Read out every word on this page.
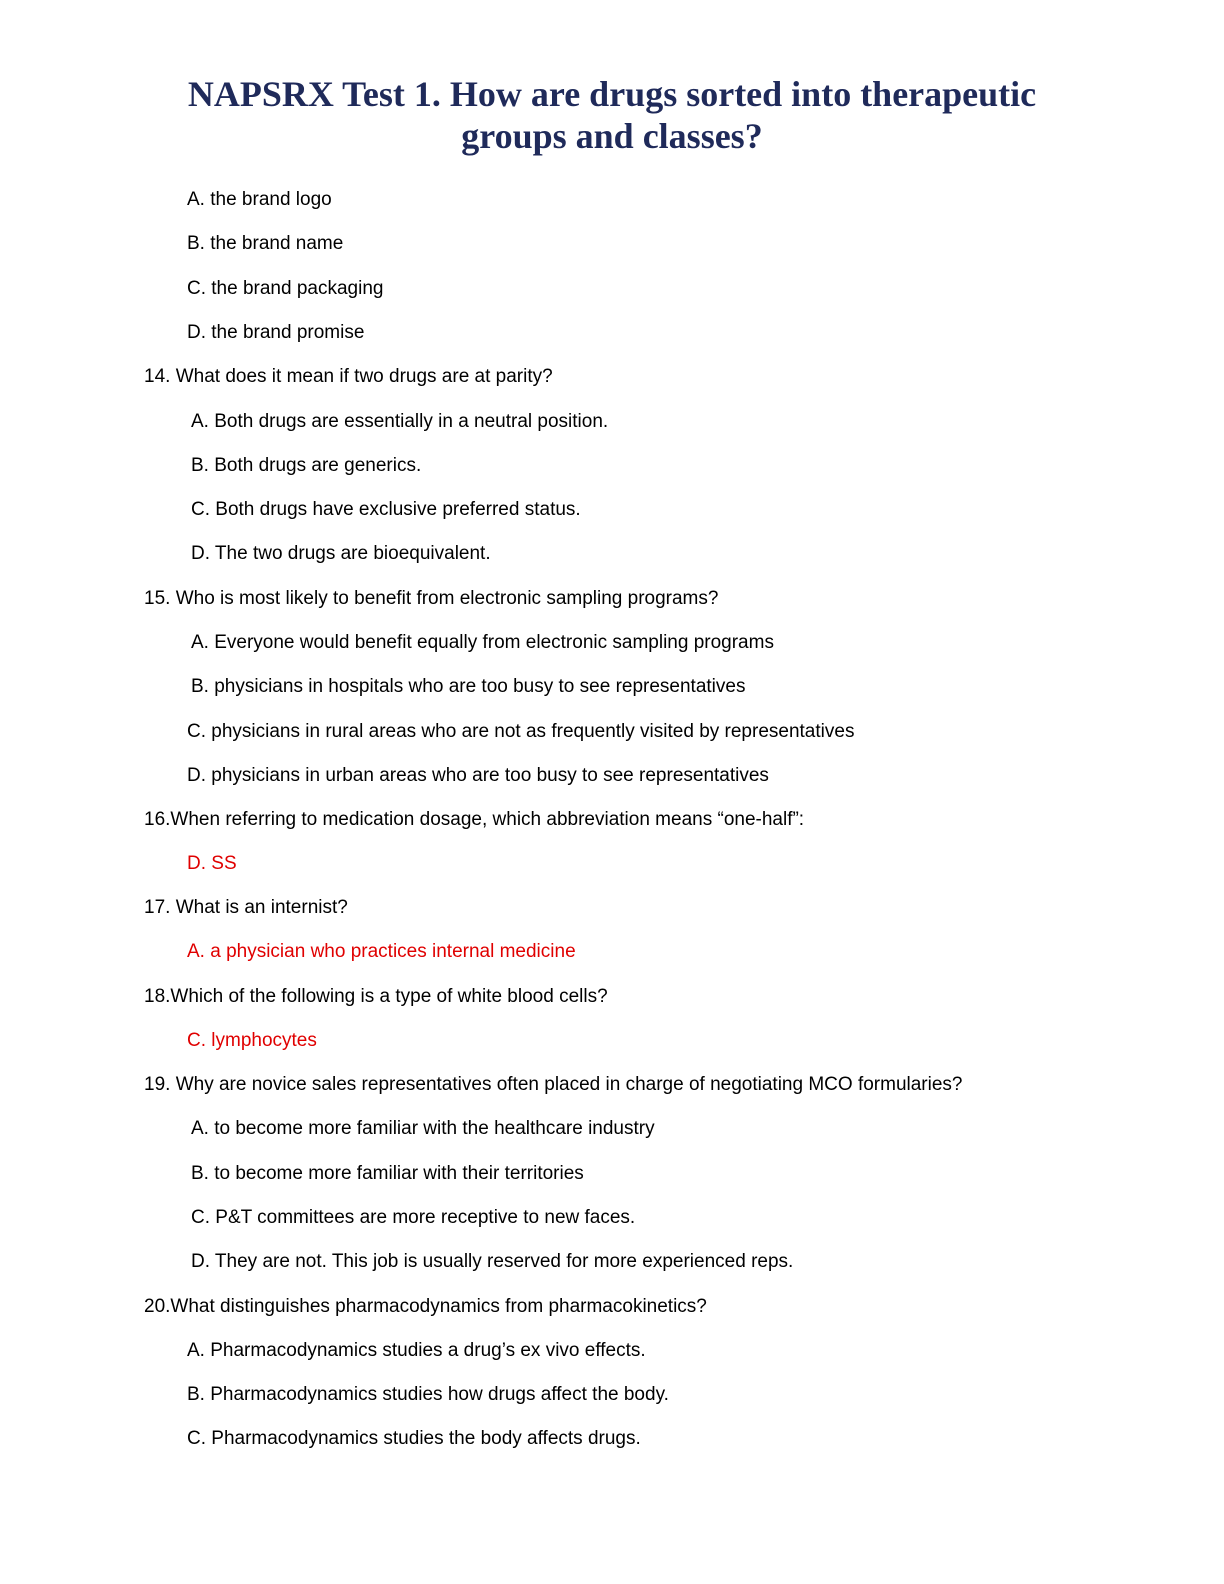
NAPSRX Test 1. How are drugs sorted into therapeutic
groups and classes?

A. the brand logo

B. the brand name

C. the brand packaging

D. the brand promise

14. What does it mean if two drugs are at parity?

A. Both drugs are essentially in a neutral position.

B. Both drugs are generics.

C. Both drugs have exclusive preferred status.

D. The two drugs are bioequivalent.

15. Who is most likely to benefit from electronic sampling programs?

A. Everyone would benefit equally from electronic sampling programs

B. physicians in hospitals who are too busy to see representatives

C. physicians in rural areas who are not as frequently visited by representatives

D. physicians in urban areas who are too busy to see representatives

16.When referring to medication dosage, which abbreviation means “one-half”:

D. SS

17. What is an internist?

A. a physician who practices internal medicine

18.Which of the following is a type of white blood cells?

C. lymphocytes

19. Why are novice sales representatives often placed in charge of negotiating MCO formularies?

A. to become more familiar with the healthcare industry

B. to become more familiar with their territories

C. P&T committees are more receptive to new faces.

D. They are not. This job is usually reserved for more experienced reps.

20.What distinguishes pharmacodynamics from pharmacokinetics?

A. Pharmacodynamics studies a drug’s ex vivo effects.

B. Pharmacodynamics studies how drugs affect the body.

C. Pharmacodynamics studies the body affects drugs.
